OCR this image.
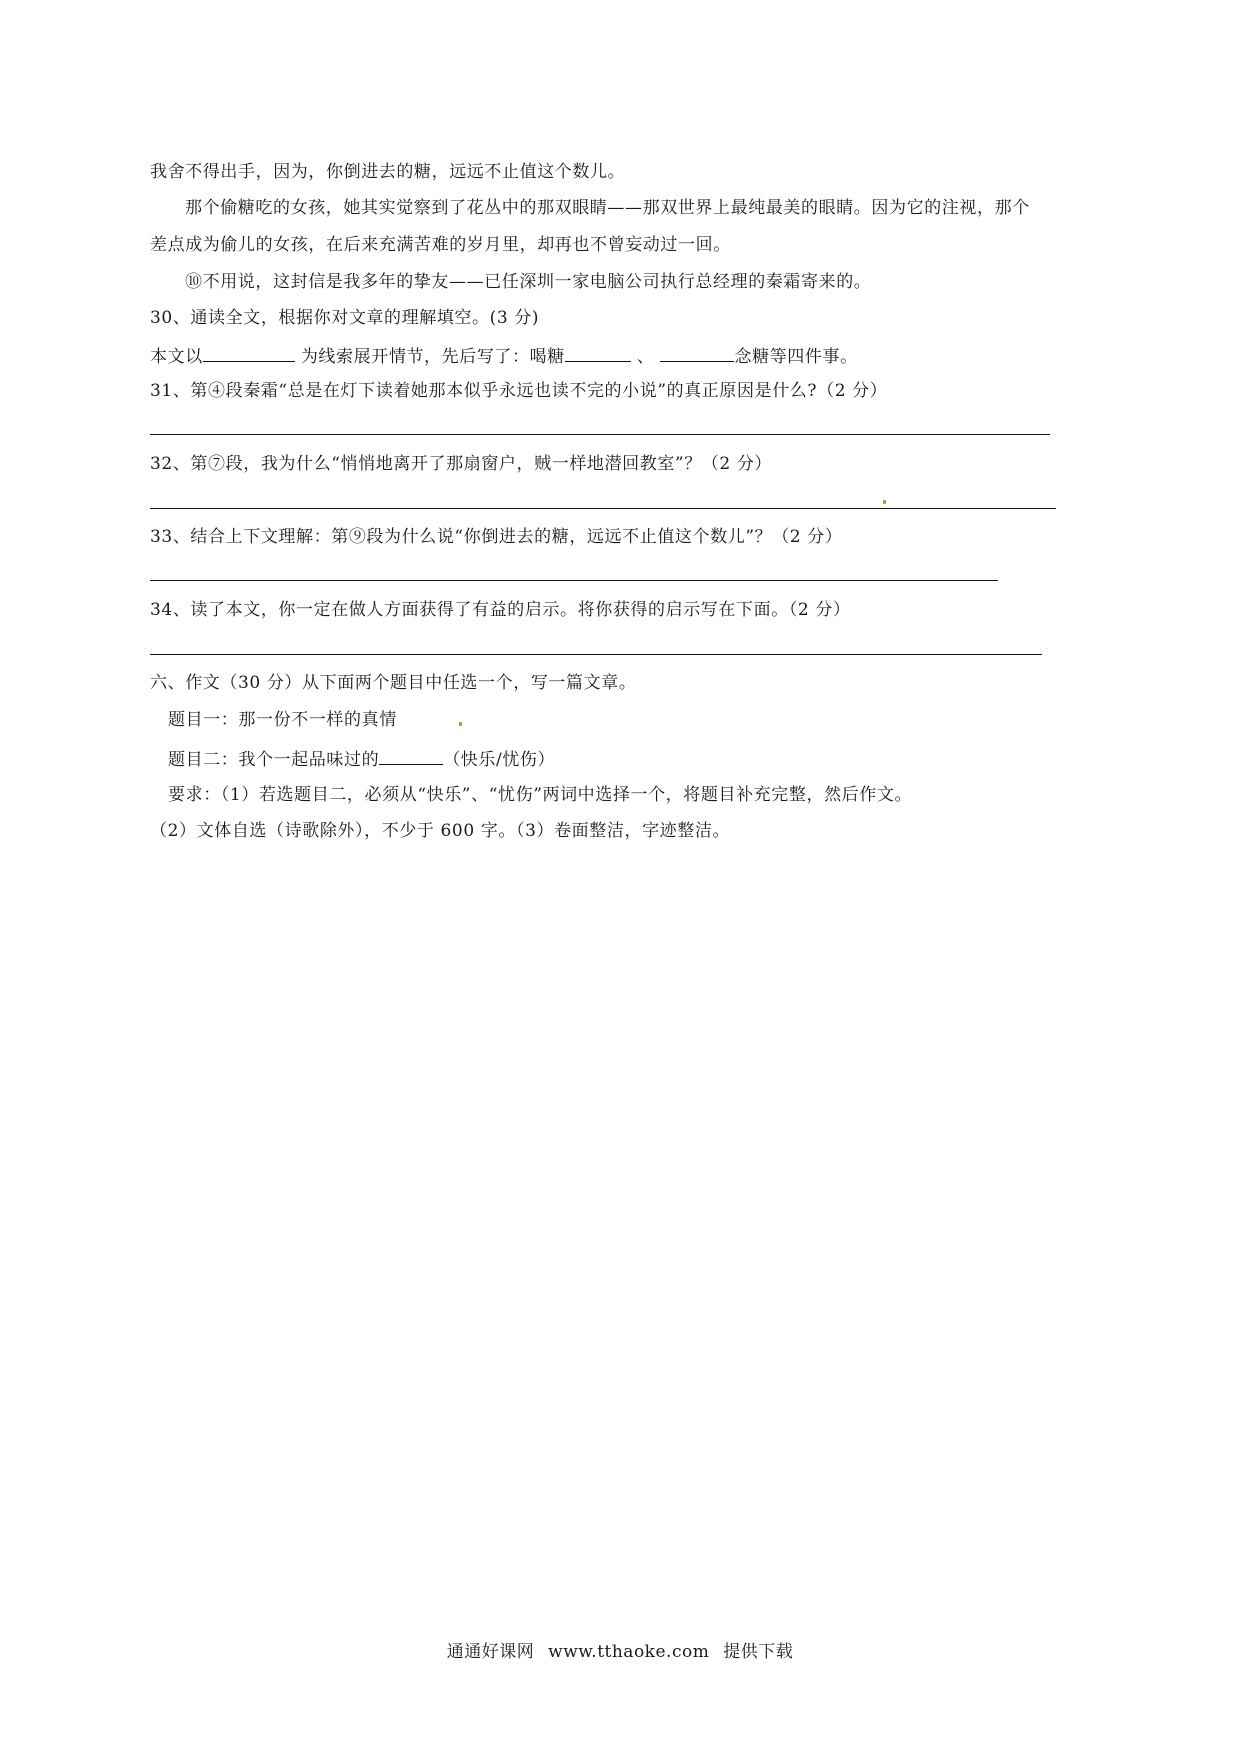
我舍不得出手，因为，你倒进去的糖，远远不止值这个数儿。
那个偷糖吃的女孩，她其实觉察到了花丛中的那双眼睛——那双世界上最纯最美的眼睛。因为它的注视，那个
差点成为偷儿的女孩，在后来充满苦难的岁月里，却再也不曾妄动过一回。
⑩不用说，这封信是我多年的挚友——已任深圳一家电脑公司执行总经理的秦霜寄来的。
30、通读全文，根据你对文章的理解填空。(3 分)
本文以	为线索展开情节，先后写了：喝糖	、	念糖等四件事。
31、第④段秦霜“总是在灯下读着她那本似乎永远也读不完的小说”的真正原因是什么?（2 分）
32、第⑦段，我为什么“悄悄地离开了那扇窗户，贼一样地潜回教室”？（2 分）
33、结合上下文理解：第⑨段为什么说“你倒进去的糖，远远不止值这个数儿”？（2 分）
34、读了本文，你一定在做人方面获得了有益的启示。将你获得的启示写在下面。（2 分）
六、作文（30 分）从下面两个题目中任选一个，写一篇文章。
题目一：那一份不一样的真情
题目二：我个一起品味过的	（快乐/忧伤）
要求：（1）若选题目二，必须从“快乐”、“忧伤”两词中选择一个，将题目补充完整，然后作文。
（2）文体自选（诗歌除外），不少于 600 字。（3）卷面整洁，字迹整洁。
通通好课网 www.tthaoke.com 提供下载
